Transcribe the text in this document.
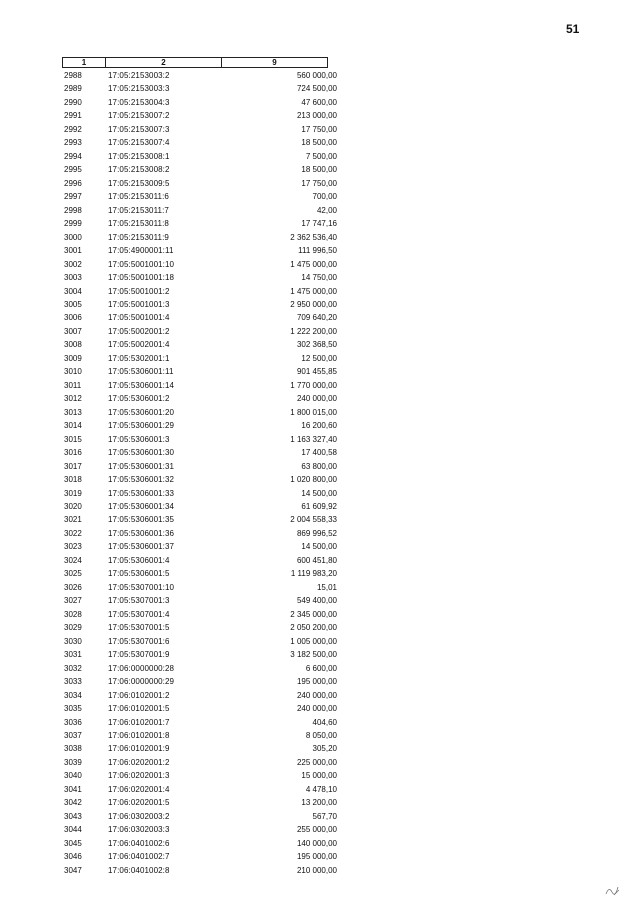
51
1	2	9
2988	17:05:2153003:2	560 000,00
2989	17:05:2153003:3	724 500,00
2990	17:05:2153004:3	47 600,00
2991	17:05:2153007:2	213 000,00
2992	17:05:2153007:3	17 750,00
2993	17:05:2153007:4	18 500,00
2994	17:05:2153008:1	7 500,00
2995	17:05:2153008:2	18 500,00
2996	17:05:2153009:5	17 750,00
2997	17:05:2153011:6	700,00
2998	17:05:2153011:7	42,00
2999	17:05:2153011:8	17 747,16
3000	17:05:2153011:9	2 362 536,40
3001	17:05:4900001:11	111 996,50
3002	17:05:5001001:10	1 475 000,00
3003	17:05:5001001:18	14 750,00
3004	17:05:5001001:2	1 475 000,00
3005	17:05:5001001:3	2 950 000,00
3006	17:05:5001001:4	709 640,20
3007	17:05:5002001:2	1 222 200,00
3008	17:05:5002001:4	302 368,50
3009	17:05:5302001:1	12 500,00
3010	17:05:5306001:11	901 455,85
3011	17:05:5306001:14	1 770 000,00
3012	17:05:5306001:2	240 000,00
3013	17:05:5306001:20	1 800 015,00
3014	17:05:5306001:29	16 200,60
3015	17:05:5306001:3	1 163 327,40
3016	17:05:5306001:30	17 400,58
3017	17:05:5306001:31	63 800,00
3018	17:05:5306001:32	1 020 800,00
3019	17:05:5306001:33	14 500,00
3020	17:05:5306001:34	61 609,92
3021	17:05:5306001:35	2 004 558,33
3022	17:05:5306001:36	869 996,52
3023	17:05:5306001:37	14 500,00
3024	17:05:5306001:4	600 451,80
3025	17:05:5306001:5	1 119 983,20
3026	17:05:5307001:10	15,01
3027	17:05:5307001:3	549 400,00
3028	17:05:5307001:4	2 345 000,00
3029	17:05:5307001:5	2 050 200,00
3030	17:05:5307001:6	1 005 000,00
3031	17:05:5307001:9	3 182 500,00
3032	17:06:0000000:28	6 600,00
3033	17:06:0000000:29	195 000,00
3034	17:06:0102001:2	240 000,00
3035	17:06:0102001:5	240 000,00
3036	17:06:0102001:7	404,60
3037	17:06:0102001:8	8 050,00
3038	17:06:0102001:9	305,20
3039	17:06:0202001:2	225 000,00
3040	17:06:0202001:3	15 000,00
3041	17:06:0202001:4	4 478,10
3042	17:06:0202001:5	13 200,00
3043	17:06:0302003:2	567,70
3044	17:06:0302003:3	255 000,00
3045	17:06:0401002:6	140 000,00
3046	17:06:0401002:7	195 000,00
3047	17:06:0401002:8	210 000,00
